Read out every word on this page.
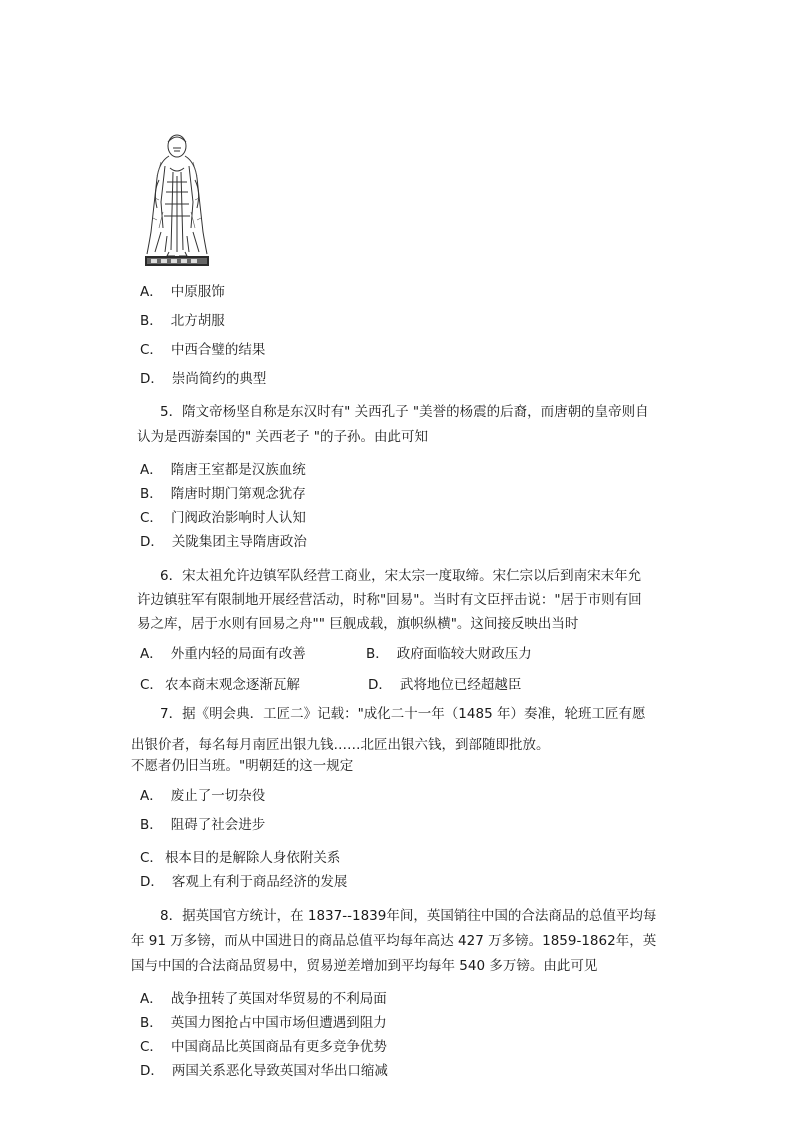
A． 中原服饰
B． 北方胡服
C． 中西合璧的结果
D． 崇尚简约的典型
5．隋文帝杨坚自称是东汉时有" 关西孔子 "美誉的杨震的后裔，而唐朝的皇帝则自
认为是西游秦国的" 关西老子 "的子孙。由此可知
A． 隋唐王室都是汉族血统
B． 隋唐时期门第观念犹存
C． 门阀政治影响时人认知
D． 关陇集团主导隋唐政治
6．宋太祖允许边镇军队经营工商业，宋太宗一度取缔。宋仁宗以后到南宋末年允
许边镇驻军有限制地开展经营活动，时称"回易"。当时有文臣抨击说："居于市则有回
易之库，居于水则有回易之舟"" 巨舰成载，旗帜纵横"。这间接反映出当时
A． 外重内轻的局面有改善	B． 政府面临较大财政压力
C． 农本商末观念逐渐瓦解	D． 武将地位已经超越臣
7．据《明会典．工匠二》记载："成化二十一年（1485 年）奏准，轮班工匠有愿
出银价者，每名每月南匠出银九钱……北匠出银六钱，到部随即批放。
不愿者仍旧当班。"明朝廷的这一规定
A． 废止了一切杂役
B． 阻碍了社会进步
C． 根本目的是解除人身依附关系
D． 客观上有利于商品经济的发展
8．据英国官方统计，在 1837--1839年间，英国销往中国的合法商品的总值平均每
年 91 万多镑，而从中国进日的商品总值平均每年高达 427 万多镑。1859-1862年，英
国与中国的合法商品贸易中，贸易逆差增加到平均每年 540 多万镑。由此可见
A． 战争扭转了英国对华贸易的不利局面
B． 英国力图抢占中国市场但遭遇到阻力
C． 中国商品比英国商品有更多竞争优势
D． 两国关系恶化导致英国对华出口缩减
